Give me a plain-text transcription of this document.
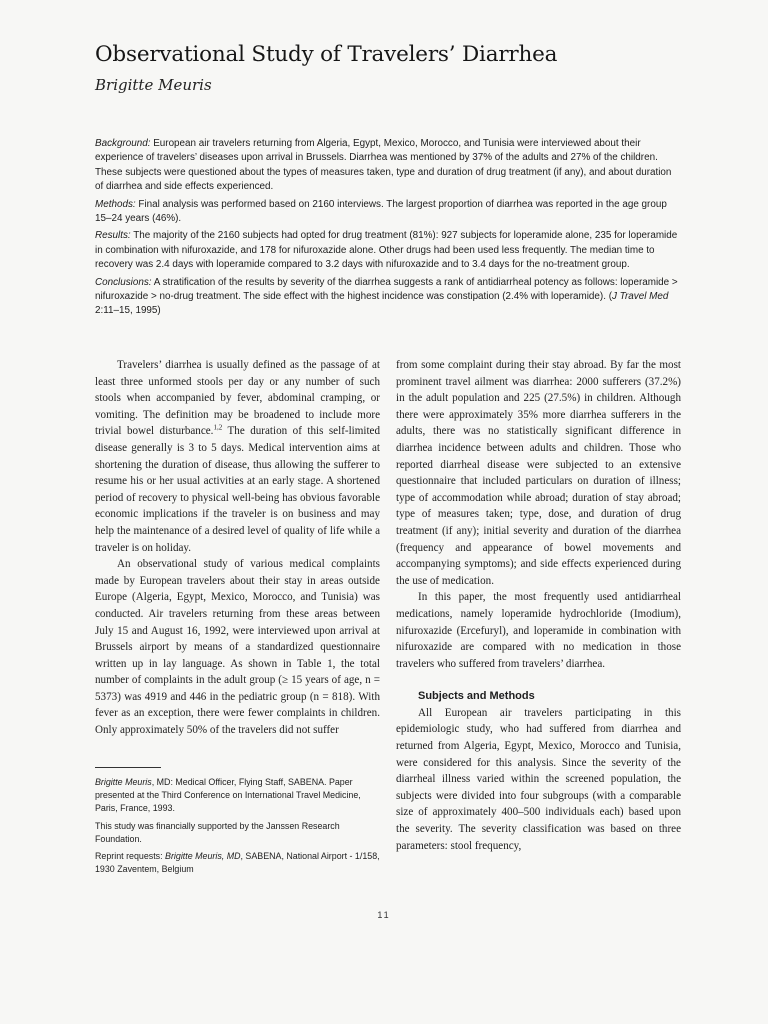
Observational Study of Travelers’ Diarrhea
Brigitte Meuris

Background: European air travelers returning from Algeria, Egypt, Mexico, Morocco, and Tunisia were interviewed about their experience of travelers’ diseases upon arrival in Brussels. Diarrhea was mentioned by 37% of the adults and 27% of the children. These subjects were questioned about the types of measures taken, type and duration of drug treatment (if any), and about duration of diarrhea and side effects experienced.

Methods: Final analysis was performed based on 2160 interviews. The largest proportion of diarrhea was reported in the age group 15–24 years (46%).

Results: The majority of the 2160 subjects had opted for drug treatment (81%): 927 subjects for loperamide alone, 235 for loperamide in combination with nifuroxazide, and 178 for nifuroxazide alone. Other drugs had been used less frequently. The median time to recovery was 2.4 days with loperamide compared to 3.2 days with nifuroxazide and to 3.4 days for the no-treatment group.

Conclusions: A stratification of the results by severity of the diarrhea suggests a rank of antidiarrheal potency as follows: loperamide > nifuroxazide > no-drug treatment. The side effect with the highest incidence was constipation (2.4% with loperamide). (J Travel Med 2:11–15, 1995)

Travelers’ diarrhea is usually defined as the passage of at least three unformed stools per day or any number of such stools when accompanied by fever, abdominal cramping, or vomiting. The definition may be broadened to include more trivial bowel disturbance.$^{1,2}$ The duration of this self-limited disease generally is 3 to 5 days. Medical intervention aims at shortening the duration of disease, thus allowing the sufferer to resume his or her usual activities at an early stage. A shortened period of recovery to physical well-being has obvious favorable economic implications if the traveler is on business and may help the maintenance of a desired level of quality of life while a traveler is on holiday.

An observational study of various medical complaints made by European travelers about their stay in areas outside Europe (Algeria, Egypt, Mexico, Morocco, and Tunisia) was conducted. Air travelers returning from these areas between July 15 and August 16, 1992, were interviewed upon arrival at Brussels airport by means of a standardized questionnaire written up in lay language. As shown in Table 1, the total number of complaints in the adult group (≥ 15 years of age, n = 5373) was 4919 and 446 in the pediatric group (n = 818). With fever as an exception, there were fewer complaints in children. Only approximately 50% of the travelers did not suffer

Brigitte Meuris, MD: Medical Officer, Flying Staff, SABENA. Paper presented at the Third Conference on International Travel Medicine, Paris, France, 1993.

This study was financially supported by the Janssen Research Foundation.

Reprint requests: Brigitte Meuris, MD, SABENA, National Airport - 1/158, 1930 Zaventem, Belgium

from some complaint during their stay abroad. By far the most prominent travel ailment was diarrhea: 2000 sufferers (37.2%) in the adult population and 225 (27.5%) in children. Although there were approximately 35% more diarrhea sufferers in the adults, there was no statistically significant difference in diarrhea incidence between adults and children. Those who reported diarrheal disease were subjected to an extensive questionnaire that included particulars on duration of illness; type of accommodation while abroad; duration of stay abroad; type of measures taken; type, dose, and duration of drug treatment (if any); initial severity and duration of the diarrhea (frequency and appearance of bowel movements and accompanying symptoms); and side effects experienced during the use of medication.

In this paper, the most frequently used antidiarrheal medications, namely loperamide hydrochloride (Imodium), nifuroxazide (Ercefuryl), and loperamide in combination with nifuroxazide are compared with no medication in those travelers who suffered from travelers’ diarrhea.

Subjects and Methods

All European air travelers participating in this epidemiologic study, who had suffered from diarrhea and returned from Algeria, Egypt, Mexico, Morocco and Tunisia, were considered for this analysis. Since the severity of the diarrheal illness varied within the screened population, the subjects were divided into four subgroups (with a comparable size of approximately 400–500 individuals each) based upon the severity. The severity classification was based on three parameters: stool frequency,

11
